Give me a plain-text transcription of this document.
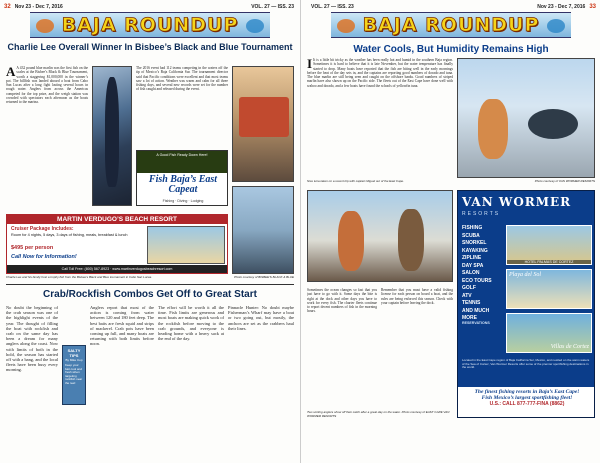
32 Nov 23 - Dec 7, 2016	VOL. 27 — ISS. 23
BAJA ROUNDUP
Charlie Lee Overall Winner In Bisbee’s Black and Blue Tournament
A A 432 pound blue marlin was the first fish on the scales at the Bisbee’s Black & Blue Tournament, worth a staggering $1,000,000 in the winner’s pot. The billfish was landed aboard a boat from Cabo San Lucas after a long fight lasting several hours in rough water. Anglers from across the Americas competed for the top prize, and the weigh station was crowded with spectators each afternoon as the boats returned to the marina.
The 2016 event had 112 teams competing in the waters off the tip of Mexico’s Baja California Sur. The tournament director said that Pacific conditions were excellent and that most teams saw a lot of action. Weather was warm and calm for all three fishing days, and several new records were set for the number of fish caught and released during the event.
A Good Fish Ready Down Here!
Fish Baja’s East Capeat
Fishing · Diving · Lodging
MARTIN VERDUGO’S BEACH RESORT
Cruiser Package Includes:
Room for 4 nights, 5 days, 3 days of fishing, meals, breakfast & lunch
$495 per person
Call Now for Information!
Call Toll Free: (800) 567-8923 · www.martinverdugosbeachresort.com
Charlie Lee and his family host a trophy fish from the Bisbee’s Black and Blue tournament in Cabo San Lucas.	Photo courtesy of BISBEE’S BLACK & BLUE
Crab/Rockfish Combos Get Off to Great Start
No doubt the beginning of the crab season was one of the highlight events of the year. The thought of filling the boat with rockfish and crab on the same day has been a dream for many anglers along the coast. Now with limits of both in the hold, the season has started off with a bang, and the local fleets have been busy every morning.
SALTY TIPS
By Mike Cop
Keep your bait cool and fresh when targeting rockfish near the reef.
Anglers report that most of the action is coming from water between 120 and 180 feet deep. The best baits are fresh squid and strips of mackerel. Crab pots have been coming up full, and many boats are returning with both limits before noon.
The effort will be worth it all the time. Fish limits are generous and most boats are making quick work of the rockfish before moving to the crab grounds, and everyone is heading home with a heavy sack at the end of the day.
Pinnacle Hunter: No doubt maybe Fisherman’s Wharf may have a boat or two going out, but mostly, the anchors are set as the crabbers haul their lines.
VOL. 27 — ISS. 23	Nov 23 - Dec 7, 2016 33
BAJA ROUNDUP
Water Cools, But Humidity Remains High
I It is a little bit tricky as the weather has been really hot and humid in the southern Baja region. Sometimes it is hard to believe that it is late November, but the water temperature has finally started to drop. Many boats have reported that the fish are biting well in the early mornings before the heat of the day sets in, and the captains are reporting good numbers of dorado and tuna. The blue marlin are still being seen and caught on the offshore banks. Good numbers of striped marlin have also shown up on the Pacific side. The fleets out of the East Cape have done well with wahoo and dorado, and a few boats have found the schools of yellowfin tuna.
Nice tuna taken on a recent trip with captain Miguel out of the East Cape.	Photo courtesy of VAN WORMER RESORTS
Sometimes the ocean changes so fast that you just have to go with it. Some days the bite is right at the dock and other days you have to work for every fish. The charter fleets continue to report decent numbers of fish in the morning hours.
Remember that you must have a valid fishing license for each person on board a boat, and the rules are being enforced this season. Check with your captain before leaving the dock.
Two smiling anglers show off their catch after a great day on the water. Photo courtesy of EAST CAPE VAN WORMER RESORTS
VAN WORMER
RESORTS
FISHING
SCUBA
SNORKEL
KAYAKING
ZIPLINE
DAY SPA
SALON
ECO TOURS
GOLF
ATV
TENNIS
AND MUCH MORE
HOTEL PALMAS DE CORTEZ
Playa del Sol
Villas de Cortez
RESERVATIONS
Located in the East Cape region of Baja California Sur, Mexico, and nestled on the warm waters of the Sea of Cortez, Van Wormer Resorts offer some of the premier sportfishing destinations in the world.
The finest fishing resorts in Baja’s East Cape!
Fish Mexico’s largest sportfishing fleet!
U.S.: CALL 877-777-FINA (8862)
